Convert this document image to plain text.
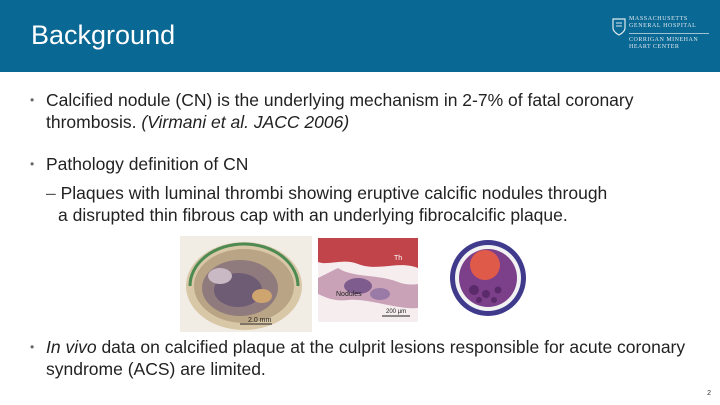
Background
MASSACHUSETTS
GENERAL HOSPITAL
CORRIGAN MINEHAN
HEART CENTER
• Calcified nodule (CN) is the underlying mechanism in 2-7% of fatal coronary thrombosis. (Virmani et al. JACC 2006)
• Pathology definition of CN
– Plaques with luminal thrombi showing eruptive calcific nodules through
a disrupted thin fibrous cap with an underlying fibrocalcific plaque.
2.0 mm
Th
Nodules
200 µm
• In vivo data on calcified plaque at the culprit lesions responsible for acute coronary syndrome (ACS) are limited.
2
